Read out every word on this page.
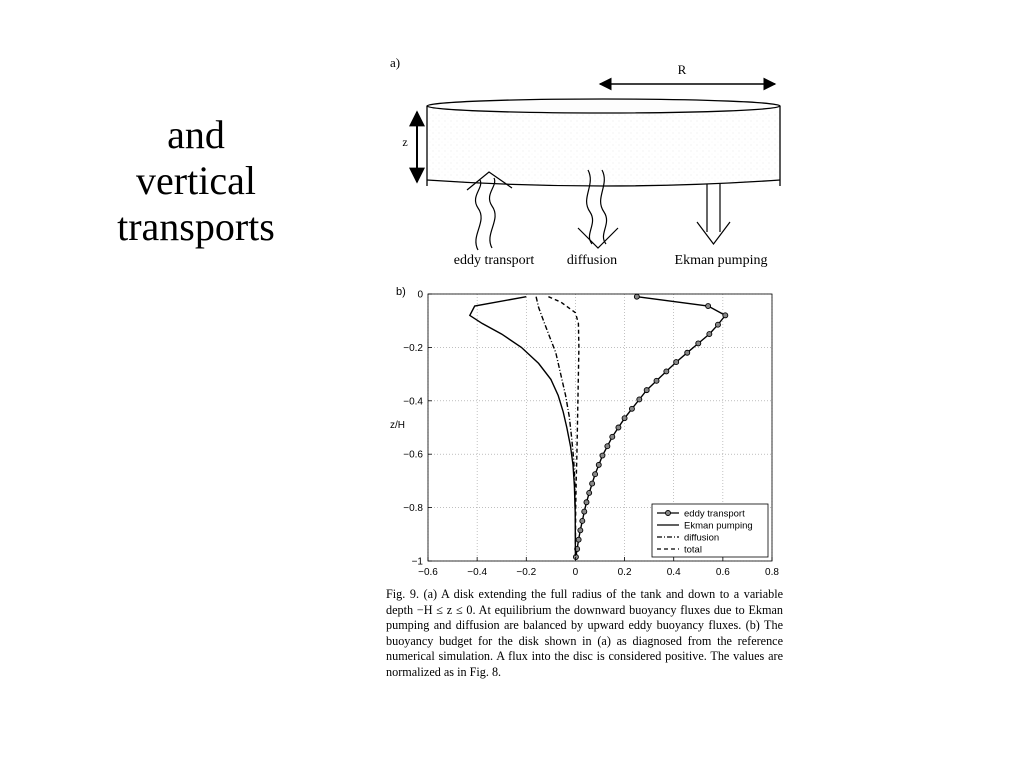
and
vertical
transports
a)	R
z
eddy transport diffusion	Ekman pumping
b)
z/H
−0.6	−0.4	−0.2	0	0.2	0.4	0.6	0.8
0
−0.2
−0.4
−0.6
−0.8
−1
eddy transport
Ekman pumping
diffusion
total

Fig. 9. (a) A disk extending the full radius of the tank and down to a variable depth −H ≤ z ≤ 0. At equilibrium the downward buoyancy fluxes due to Ekman pumping and diffusion are balanced by upward eddy buoyancy fluxes. (b) The buoyancy budget for the disk shown in (a) as diagnosed from the reference numerical simulation. A flux into the disc is considered positive. The values are normalized as in Fig. 8.
